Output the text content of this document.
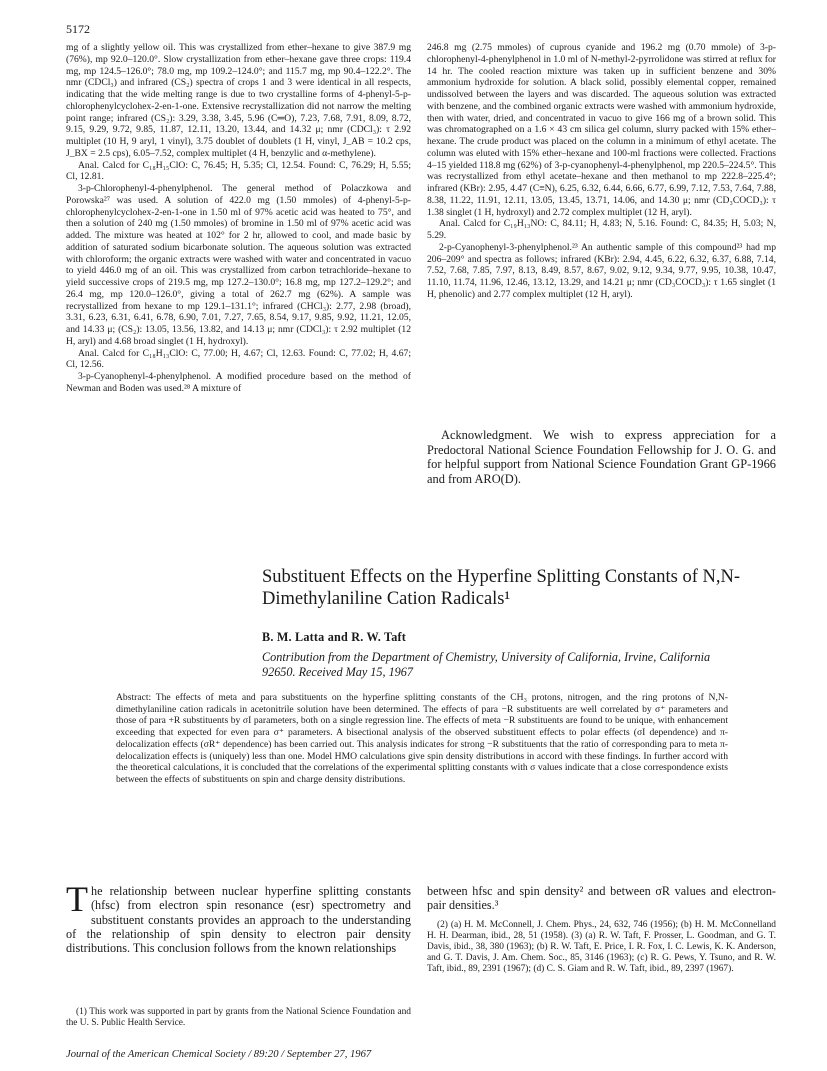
5172

mg of a slightly yellow oil. This was crystallized from ether–hexane to give 387.9 mg (76%), mp 92.0–120.0°. Slow crystallization from ether–hexane gave three crops: 119.4 mg, mp 124.5–126.0°; 78.0 mg, mp 109.2–124.0°; and 115.7 mg, mp 90.4–122.2°. The nmr (CDCl₃) and infrared (CS₂) spectra of crops 1 and 3 were identical in all respects, indicating that the wide melting range is due to two crystalline forms of 4-phenyl-5-p-chlorophenylcyclohex-2-en-1-one. Extensive recrystallization did not narrow the melting point range; infrared (CS₂): 3.29, 3.38, 3.45, 5.96 (C═O), 7.23, 7.68, 7.91, 8.09, 8.72, 9.15, 9.29, 9.72, 9.85, 11.87, 12.11, 13.20, 13.44, and 14.32 μ; nmr (CDCl₃): τ 2.92 multiplet (10 H, 9 aryl, 1 vinyl), 3.75 doublet of doublets (1 H, vinyl, J_AB = 10.2 cps, J_BX = 2.5 cps), 6.05–7.52, complex multiplet (4 H, benzylic and α-methylene).

Anal. Calcd for C₁₈H₁₅ClO: C, 76.45; H, 5.35; Cl, 12.54. Found: C, 76.29; H, 5.55; Cl, 12.81.

3-p-Chlorophenyl-4-phenylphenol. The general method of Polaczkowa and Porowska²⁷ was used. A solution of 422.0 mg (1.50 mmoles) of 4-phenyl-5-p-chlorophenylcyclohex-2-en-1-one in 1.50 ml of 97% acetic acid was heated to 75°, and then a solution of 240 mg (1.50 mmoles) of bromine in 1.50 ml of 97% acetic acid was added. The mixture was heated at 102° for 2 hr, allowed to cool, and made basic by addition of saturated sodium bicarbonate solution. The aqueous solution was extracted with chloroform; the organic extracts were washed with water and concentrated in vacuo to yield 446.0 mg of an oil. This was crystallized from carbon tetrachloride–hexane to yield successive crops of 219.5 mg, mp 127.2–130.0°; 16.8 mg, mp 127.2–129.2°; and 26.4 mg, mp 120.0–126.0°, giving a total of 262.7 mg (62%). A sample was recrystallized from hexane to mp 129.1–131.1°; infrared (CHCl₃): 2.77, 2.98 (broad), 3.31, 6.23, 6.31, 6.41, 6.78, 6.90, 7.01, 7.27, 7.65, 8.54, 9.17, 9.85, 9.92, 11.21, 12.05, and 14.33 μ; (CS₂): 13.05, 13.56, 13.82, and 14.13 μ; nmr (CDCl₃): τ 2.92 multiplet (12 H, aryl) and 4.68 broad singlet (1 H, hydroxyl).

Anal. Calcd for C₁₈H₁₃ClO: C, 77.00; H, 4.67; Cl, 12.63. Found: C, 77.02; H, 4.67; Cl, 12.56.

3-p-Cyanophenyl-4-phenylphenol. A modified procedure based on the method of Newman and Boden was used.²⁸ A mixture of

246.8 mg (2.75 mmoles) of cuprous cyanide and 196.2 mg (0.70 mmole) of 3-p-chlorophenyl-4-phenylphenol in 1.0 ml of N-methyl-2-pyrrolidone was stirred at reflux for 14 hr. The cooled reaction mixture was taken up in sufficient benzene and 30% ammonium hydroxide for solution. A black solid, possibly elemental copper, remained undissolved between the layers and was discarded. The aqueous solution was extracted with benzene, and the combined organic extracts were washed with ammonium hydroxide, then with water, dried, and concentrated in vacuo to give 166 mg of a brown solid. This was chromatographed on a 1.6 × 43 cm silica gel column, slurry packed with 15% ether–hexane. The crude product was placed on the column in a minimum of ethyl acetate. The column was eluted with 15% ether–hexane and 100-ml fractions were collected. Fractions 4–15 yielded 118.8 mg (62%) of 3-p-cyanophenyl-4-phenylphenol, mp 220.5–224.5°. This was recrystallized from ethyl acetate–hexane and then methanol to mp 222.8–225.4°; infrared (KBr): 2.95, 4.47 (C≡N), 6.25, 6.32, 6.44, 6.66, 6.77, 6.99, 7.12, 7.53, 7.64, 7.88, 8.38, 11.22, 11.91, 12.11, 13.05, 13.45, 13.71, 14.06, and 14.30 μ; nmr (CD₃COCD₃): τ 1.38 singlet (1 H, hydroxyl) and 2.72 complex multiplet (12 H, aryl).

Anal. Calcd for C₁₉H₁₃NO: C, 84.11; H, 4.83; N, 5.16. Found: C, 84.35; H, 5.03; N, 5.29.

2-p-Cyanophenyl-3-phenylphenol.²³ An authentic sample of this compound²³ had mp 206–209° and spectra as follows; infrared (KBr): 2.94, 4.45, 6.22, 6.32, 6.37, 6.88, 7.14, 7.52, 7.68, 7.85, 7.97, 8.13, 8.49, 8.57, 8.67, 9.02, 9.12, 9.34, 9.77, 9.95, 10.38, 10.47, 11.10, 11.74, 11.96, 12.46, 13.12, 13.29, and 14.21 μ; nmr (CD₃COCD₃): τ 1.65 singlet (1 H, phenolic) and 2.77 complex multiplet (12 H, aryl).

Acknowledgment. We wish to express appreciation for a Predoctoral National Science Foundation Fellowship for J. O. G. and for helpful support from National Science Foundation Grant GP-1966 and from ARO(D).
Substituent Effects on the Hyperfine Splitting Constants of N,N-Dimethylaniline Cation Radicals¹
B. M. Latta and R. W. Taft
Contribution from the Department of Chemistry, University of California, Irvine, California 92650. Received May 15, 1967
Abstract: The effects of meta and para substituents on the hyperfine splitting constants of the CH₃ protons, nitrogen, and the ring protons of N,N-dimethylaniline cation radicals in acetonitrile solution have been determined. The effects of para −R substituents are well correlated by σ⁺ parameters and those of para +R substituents by σI parameters, both on a single regression line. The effects of meta −R substituents are found to be unique, with enhancement exceeding that expected for even para σ⁺ parameters. A bisectional analysis of the observed substituent effects to polar effects (σI dependence) and π-delocalization effects (σR⁺ dependence) has been carried out. This analysis indicates for strong −R substituents that the ratio of corresponding para to meta π-delocalization effects is (uniquely) less than one. Model HMO calculations give spin density distributions in accord with these findings. In further accord with the theoretical calculations, it is concluded that the correlations of the experimental splitting constants with σ values indicate that a close correspondence exists between the effects of substituents on spin and charge density distributions.
The relationship between nuclear hyperfine splitting constants (hfsc) from electron spin resonance (esr) spectrometry and substituent constants provides an approach to the understanding of the relationship of spin density to electron pair density distributions. This conclusion follows from the known relationships
between hfsc and spin density² and between σR values and electron-pair densities.³
(1) This work was supported in part by grants from the National Science Foundation and the U. S. Public Health Service.
(2) (a) H. M. McConnell, J. Chem. Phys., 24, 632, 746 (1956); (b) H. M. McConnelland H. H. Dearman, ibid., 28, 51 (1958). (3) (a) R. W. Taft, F. Prosser, L. Goodman, and G. T. Davis, ibid., 38, 380 (1963); (b) R. W. Taft, E. Price, I. R. Fox, I. C. Lewis, K. K. Anderson, and G. T. Davis, J. Am. Chem. Soc., 85, 3146 (1963); (c) R. G. Pews, Y. Tsuno, and R. W. Taft, ibid., 89, 2391 (1967); (d) C. S. Giam and R. W. Taft, ibid., 89, 2397 (1967).
Journal of the American Chemical Society / 89:20 / September 27, 1967
